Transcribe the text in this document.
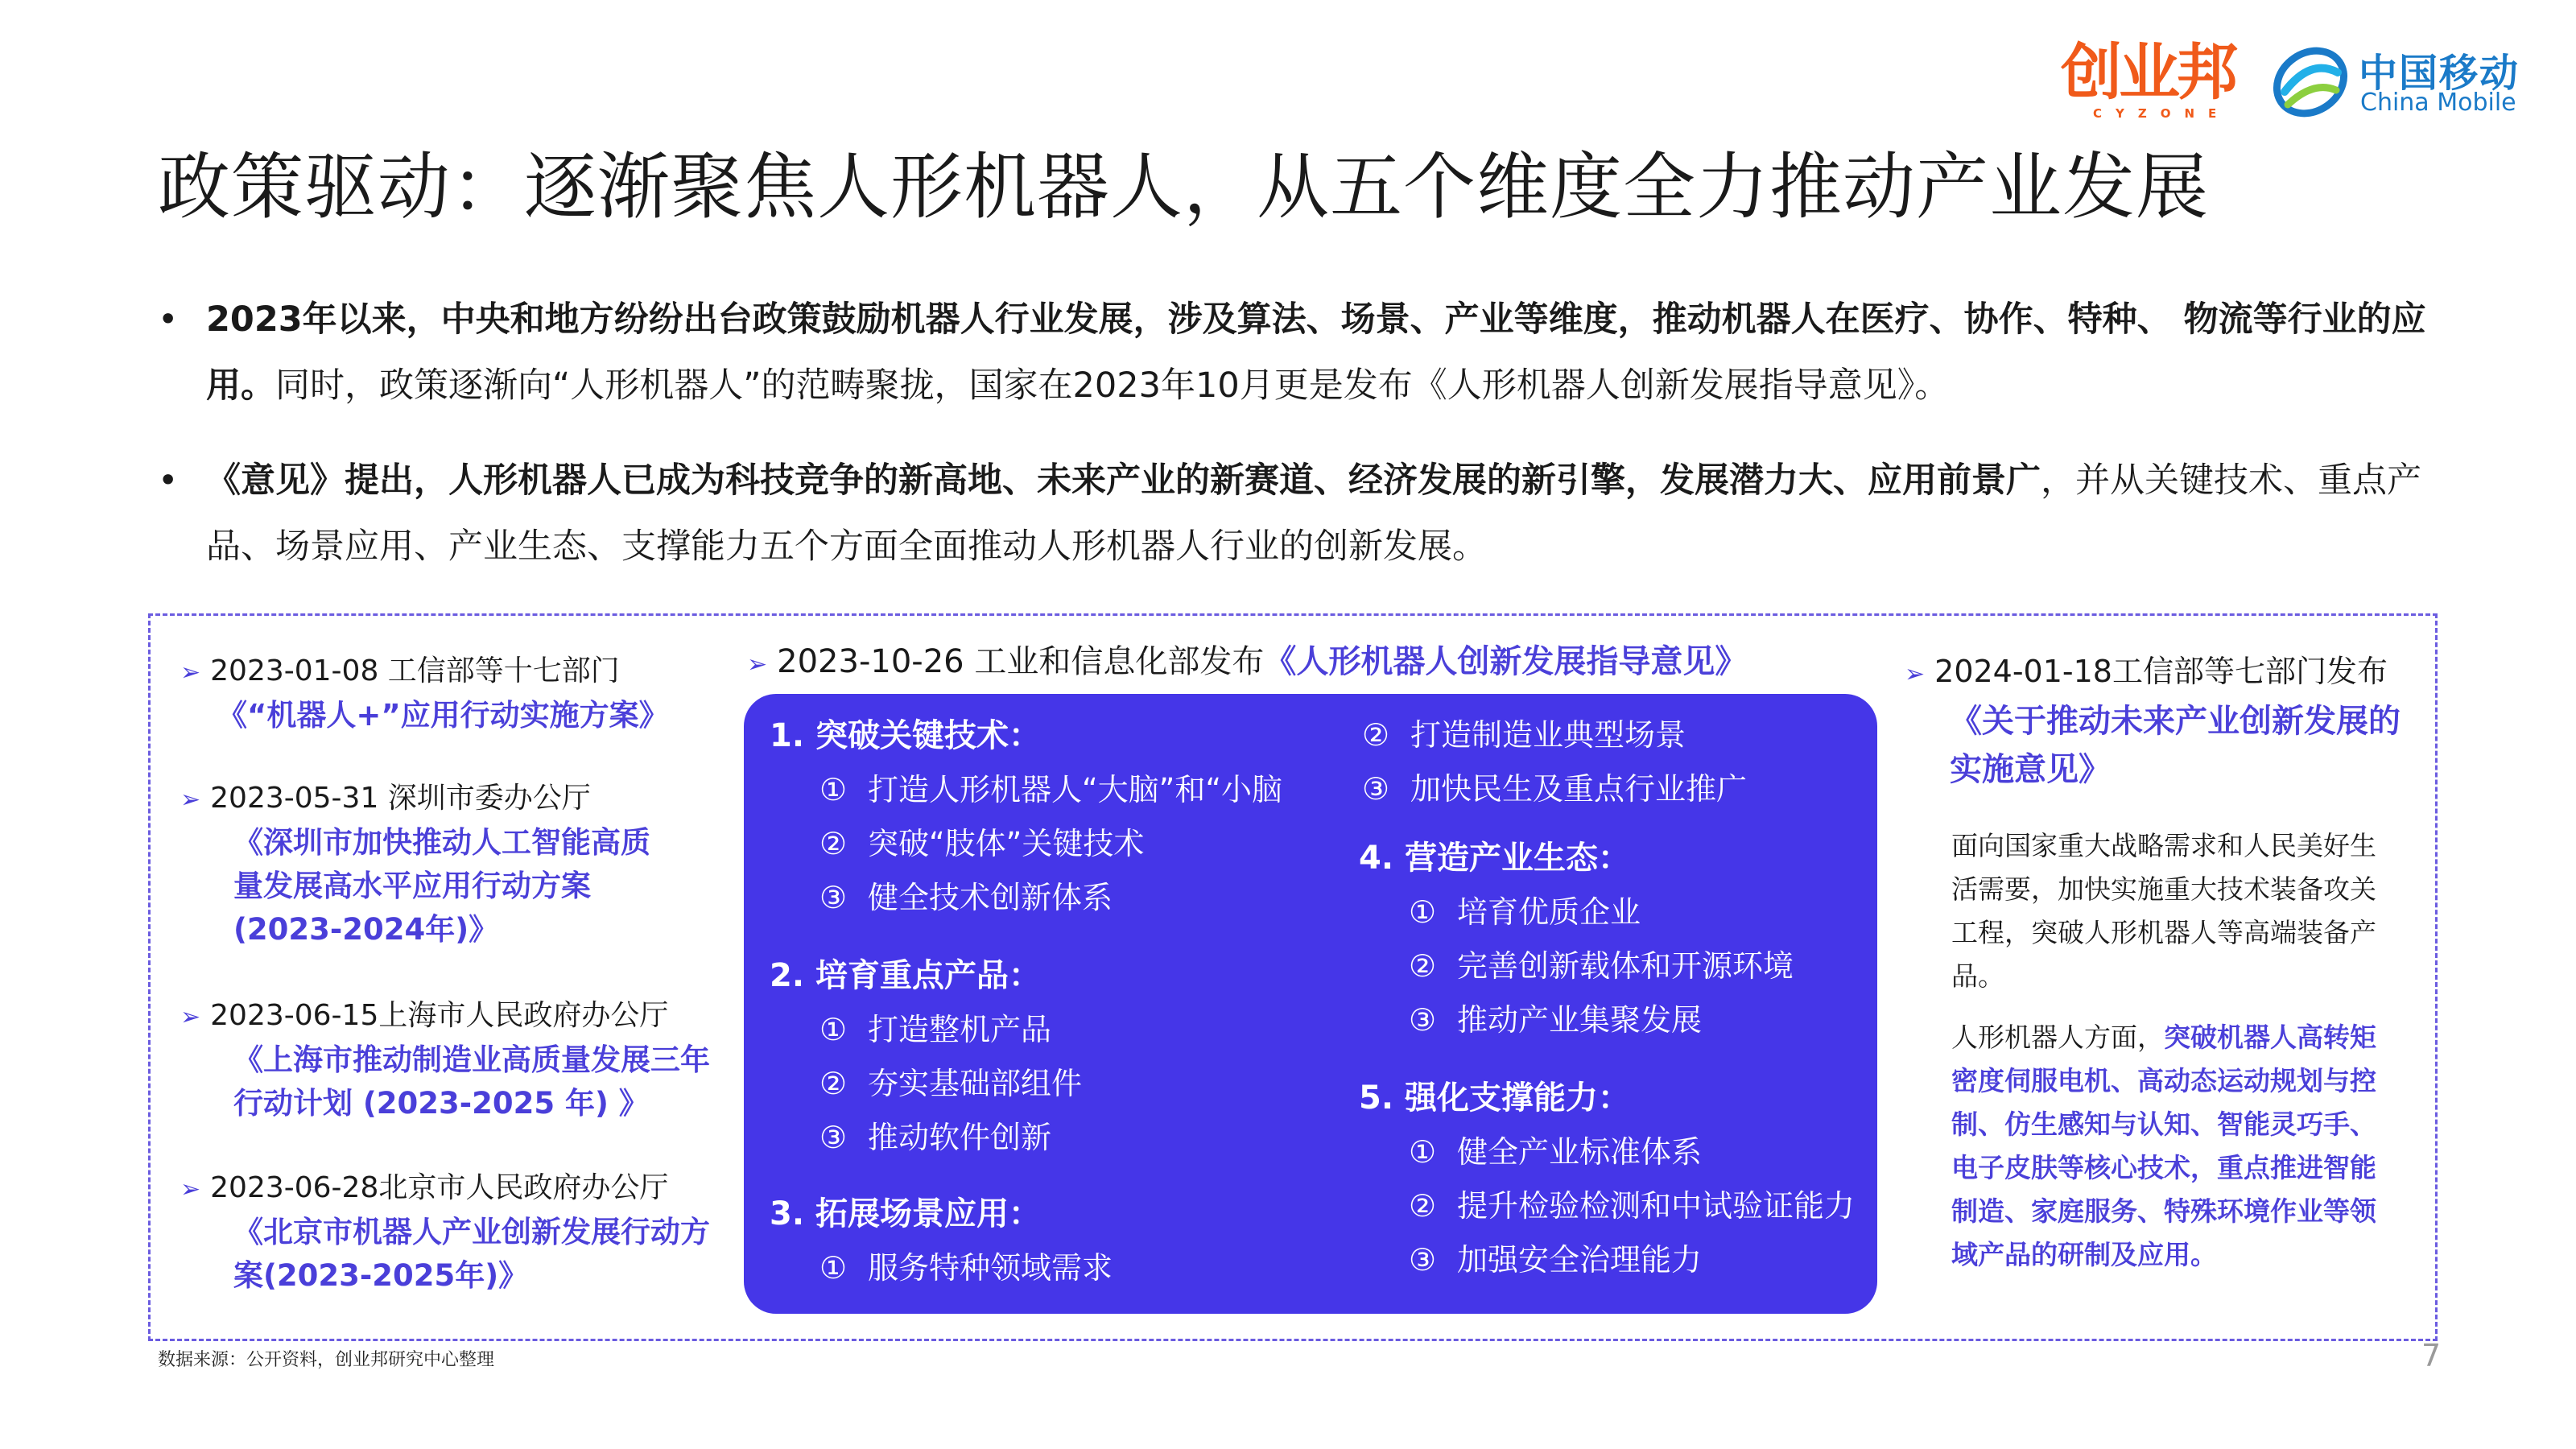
创业邦
CYZONE
中国移动
China Mobile
政策驱动：逐渐聚焦人形机器人，从五个维度全力推动产业发展
• 2023年以来，中央和地方纷纷出台政策鼓励机器人行业发展，涉及算法、场景、产业等维度，推动机器人在医疗、协作、特种、 物流等行业的应用。同时，政策逐渐向“人形机器人”的范畴聚拢，国家在2023年10月更是发布《人形机器人创新发展指导意见》。
• 《意见》提出，人形机器人已成为科技竞争的新高地、未来产业的新赛道、经济发展的新引擎，发展潜力大、应用前景广，并从关键技术、重点产品、场景应用、产业生态、支撑能力五个方面全面推动人形机器人行业的创新发展。
➢ 2023-01-08 工信部等十七部门
《“机器人+”应用行动实施方案》
➢ 2023-05-31 深圳市委办公厅
《深圳市加快推动人工智能高质
量发展高水平应用行动方案
(2023-2024年)》
➢ 2023-06-15上海市人民政府办公厅
《上海市推动制造业高质量发展三年
行动计划 (2023-2025 年) 》
➢ 2023-06-28北京市人民政府办公厅
《北京市机器人产业创新发展行动方
案(2023-2025年)》
➢ 2023-10-26 工业和信息化部发布《人形机器人创新发展指导意见》
1. 突破关键技术：
① 打造人形机器人“大脑”和“小脑
② 突破“肢体”关键技术
③ 健全技术创新体系
2. 培育重点产品：
① 打造整机产品
② 夯实基础部组件
③ 推动软件创新
3. 拓展场景应用：
① 服务特种领域需求
② 打造制造业典型场景
③ 加快民生及重点行业推广
4. 营造产业生态：
① 培育优质企业
② 完善创新载体和开源环境
③ 推动产业集聚发展
5. 强化支撑能力：
① 健全产业标准体系
② 提升检验检测和中试验证能力
③ 加强安全治理能力
➢ 2024-01-18工信部等七部门发布
《关于推动未来产业创新发展的
实施意见》
面向国家重大战略需求和人民美好生
活需要，加快实施重大技术装备攻关
工程，突破人形机器人等高端装备产
品。
人形机器人方面，突破机器人高转矩
密度伺服电机、高动态运动规划与控
制、仿生感知与认知、智能灵巧手、
电子皮肤等核心技术，重点推进智能
制造、家庭服务、特殊环境作业等领
域产品的研制及应用。
数据来源：公开资料，创业邦研究中心整理	7
